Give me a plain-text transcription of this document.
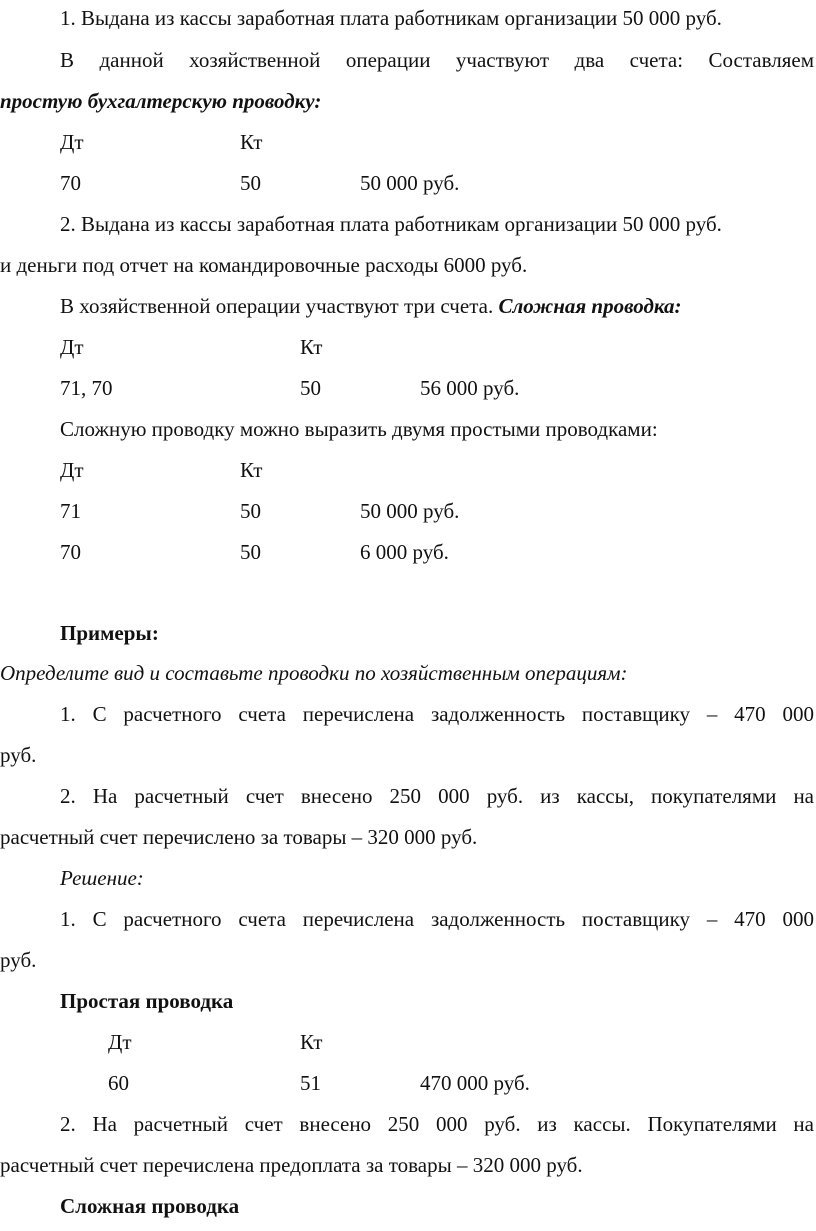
1. Выдана из кассы заработная плата работникам организации 50 000 руб.
В данной хозяйственной операции участвуют два счета: Составляем
простую бухгалтерскую проводку:
Дт	Кт
70	50	50 000 руб.
2. Выдана из кассы заработная плата работникам организации 50 000 руб.
и деньги под отчет на командировочные расходы 6000 руб.
В хозяйственной операции участвуют три счета. Сложная проводка:
Дт	Кт
71, 70	50	56 000 руб.
Сложную проводку можно выразить двумя простыми проводками:
Дт	Кт
71	50	50 000 руб.
70	50	6 000 руб.
Примеры:
Определите вид и составьте проводки по хозяйственным операциям:
1. С расчетного счета перечислена задолженность поставщику – 470 000
руб.
2. На расчетный счет внесено 250 000 руб. из кассы, покупателями на
расчетный счет перечислено за товары – 320 000 руб.
Решение:
1. С расчетного счета перечислена задолженность поставщику – 470 000
руб.
Простая проводка
Дт	Кт
60	51	470 000 руб.
2. На расчетный счет внесено 250 000 руб. из кассы. Покупателями на
расчетный счет перечислена предоплата за товары – 320 000 руб.
Сложная проводка
